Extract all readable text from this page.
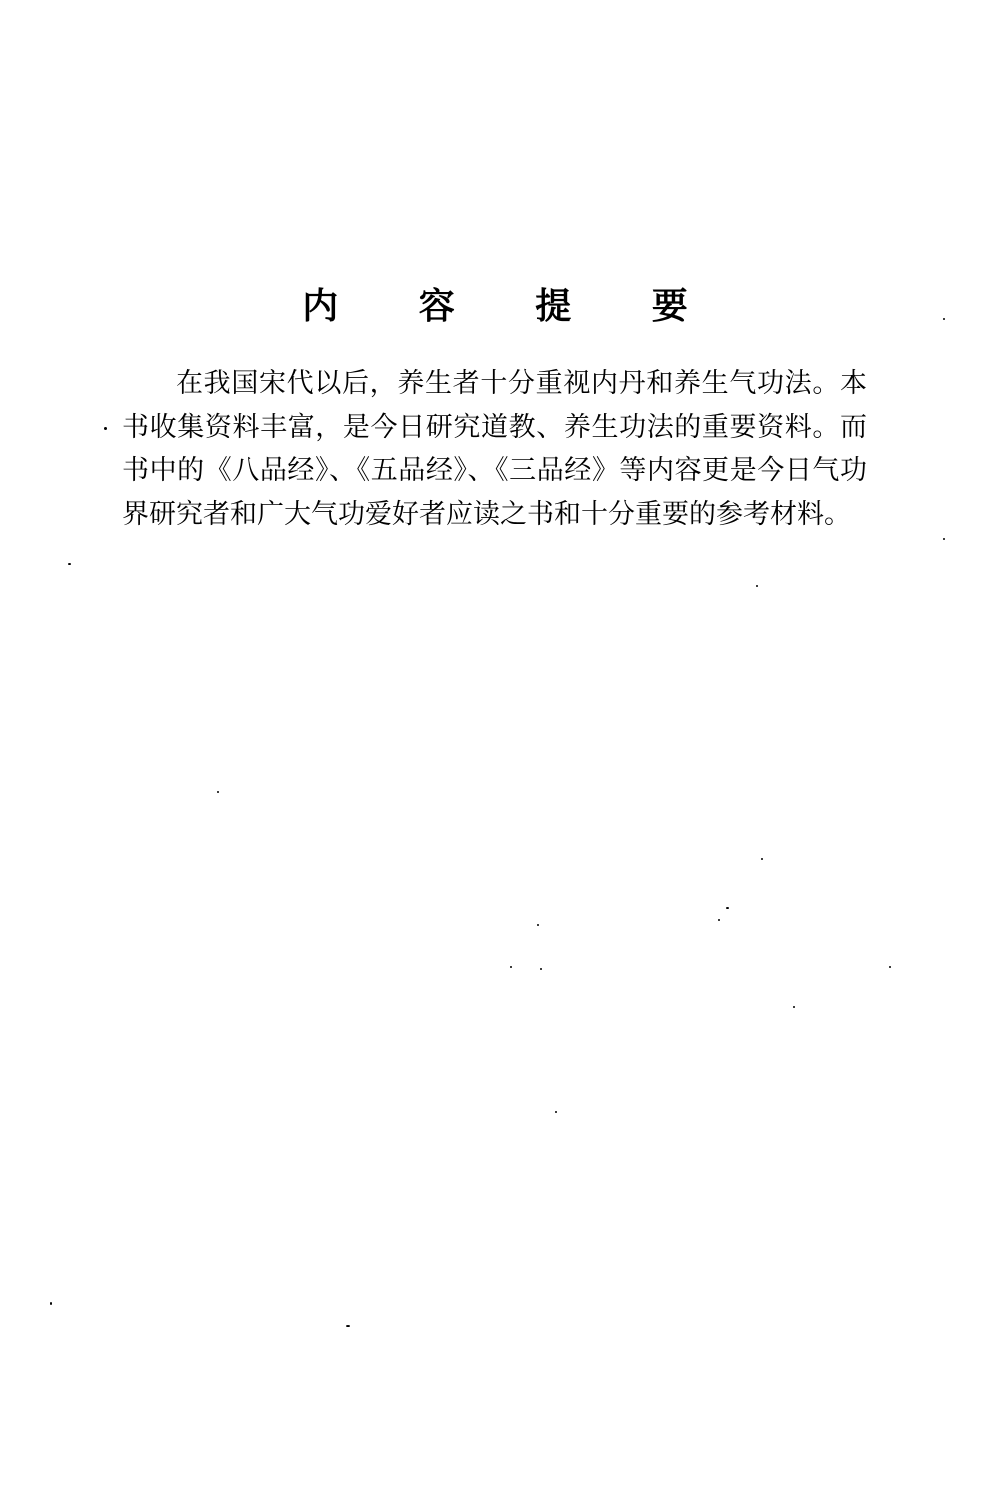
内 容 提 要

在我国宋代以后，养生者十分重视内丹和养生气功法。本书收集资料丰富，是今日研究道教、养生功法的重要资料。而书中的《八品经》、《五品经》、《三品经》等内容更是今日气功界研究者和广大气功爱好者应读之书和十分重要的参考材料。
